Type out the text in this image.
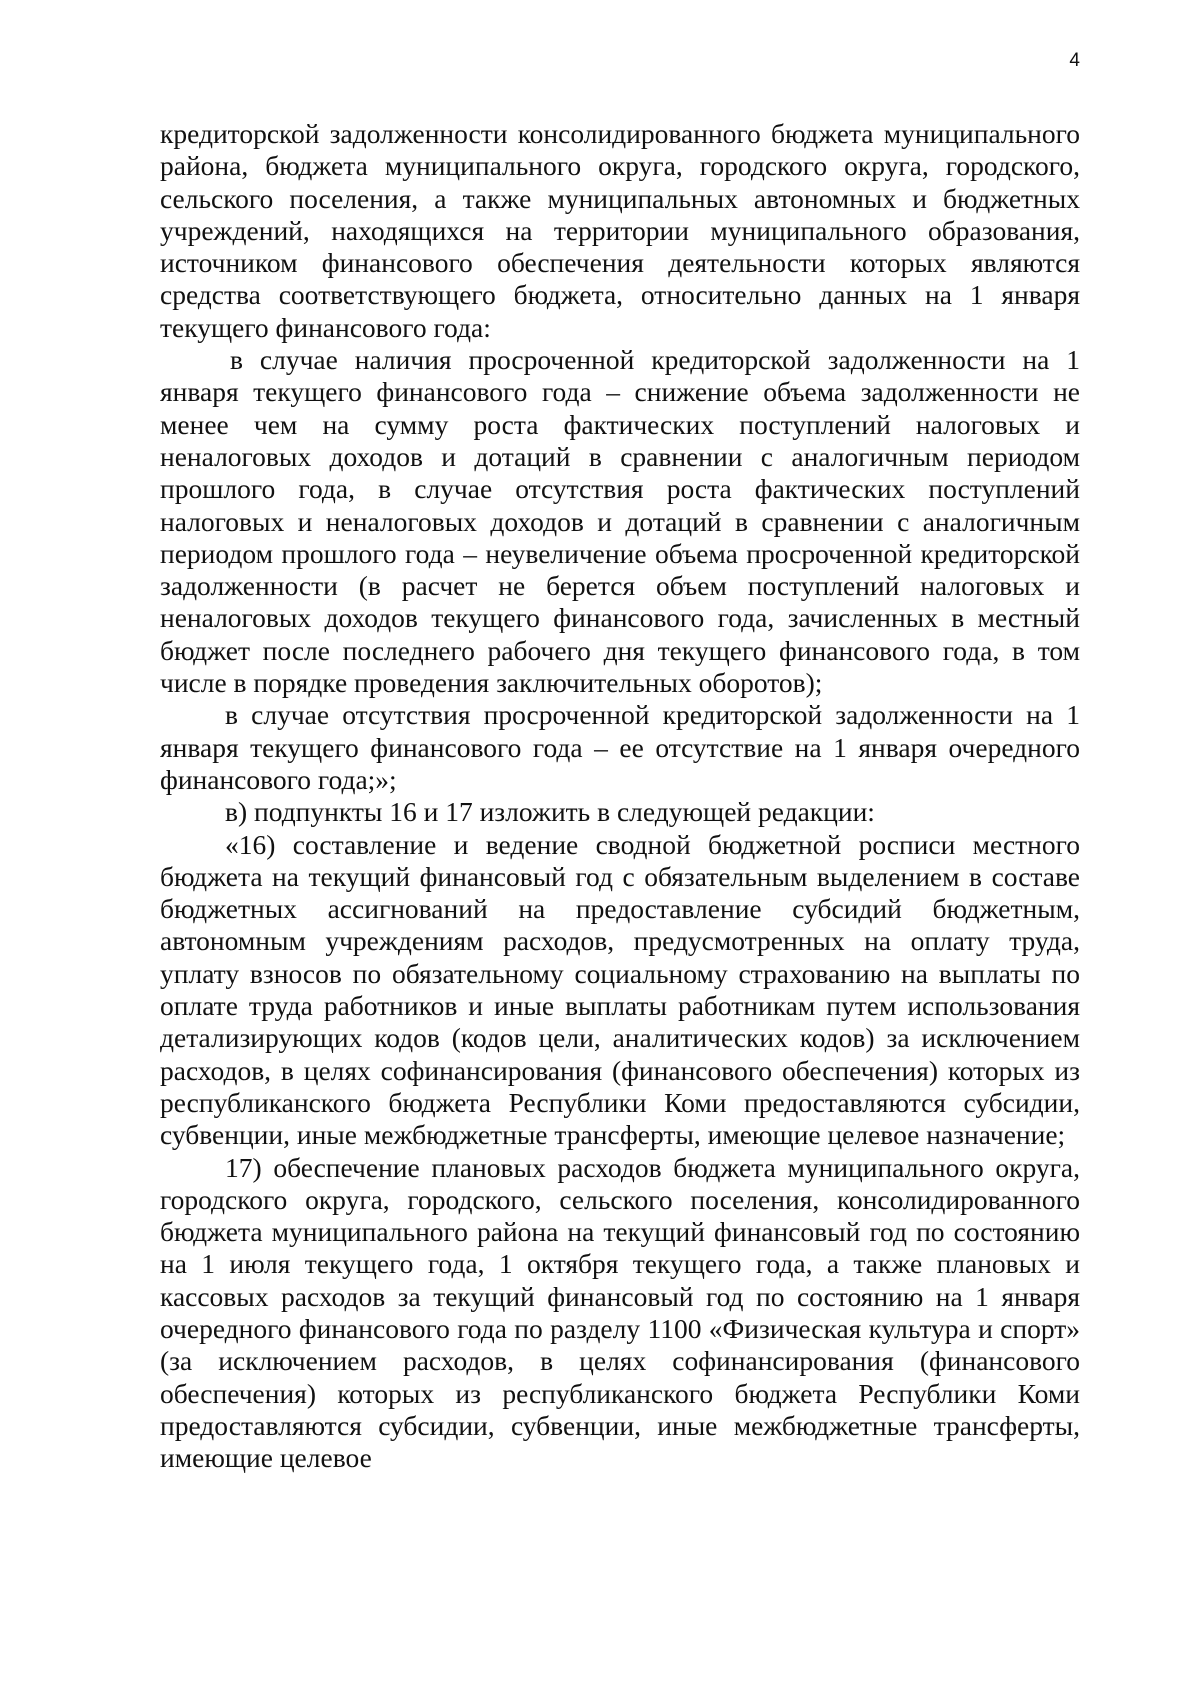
4

кредиторской задолженности консолидированного бюджета муниципального района, бюджета муниципального округа, городского округа, городского, сельского поселения, а также муниципальных автономных и бюджетных учреждений, находящихся на территории муниципального образования, источником финансового обеспечения деятельности которых являются средства соответствующего бюджета, относительно данных на 1 января текущего финансового года:

в случае наличия просроченной кредиторской задолженности на 1 января текущего финансового года – снижение объема задолженности не менее чем на сумму роста фактических поступлений налоговых и неналоговых доходов и дотаций в сравнении с аналогичным периодом прошлого года, в случае отсутствия роста фактических поступлений налоговых и неналоговых доходов и дотаций в сравнении с аналогичным периодом прошлого года – неувеличение объема просроченной кредиторской задолженности (в расчет не берется объем поступлений налоговых и неналоговых доходов текущего финансового года, зачисленных в местный бюджет после последнего рабочего дня текущего финансового года, в том числе в порядке проведения заключительных оборотов);

в случае отсутствия просроченной кредиторской задолженности на 1 января текущего финансового года – ее отсутствие на 1 января очередного финансового года;»;

в) подпункты 16 и 17 изложить в следующей редакции:

«16) составление и ведение сводной бюджетной росписи местного бюджета на текущий финансовый год с обязательным выделением в составе бюджетных ассигнований на предоставление субсидий бюджетным, автономным учреждениям расходов, предусмотренных на оплату труда, уплату взносов по обязательному социальному страхованию на выплаты по оплате труда работников и иные выплаты работникам путем использования детализирующих кодов (кодов цели, аналитических кодов) за исключением расходов, в целях софинансирования (финансового обеспечения) которых из республиканского бюджета Республики Коми предоставляются субсидии, субвенции, иные межбюджетные трансферты, имеющие целевое назначение;

17) обеспечение плановых расходов бюджета муниципального округа, городского округа, городского, сельского поселения, консолидированного бюджета муниципального района на текущий финансовый год по состоянию на 1 июля текущего года, 1 октября текущего года, а также плановых и кассовых расходов за текущий финансовый год по состоянию на 1 января очередного финансового года по разделу 1100 «Физическая культура и спорт» (за исключением расходов, в целях софинансирования (финансового обеспечения) которых из республиканского бюджета Республики Коми предоставляются субсидии, субвенции, иные межбюджетные трансферты, имеющие целевое
